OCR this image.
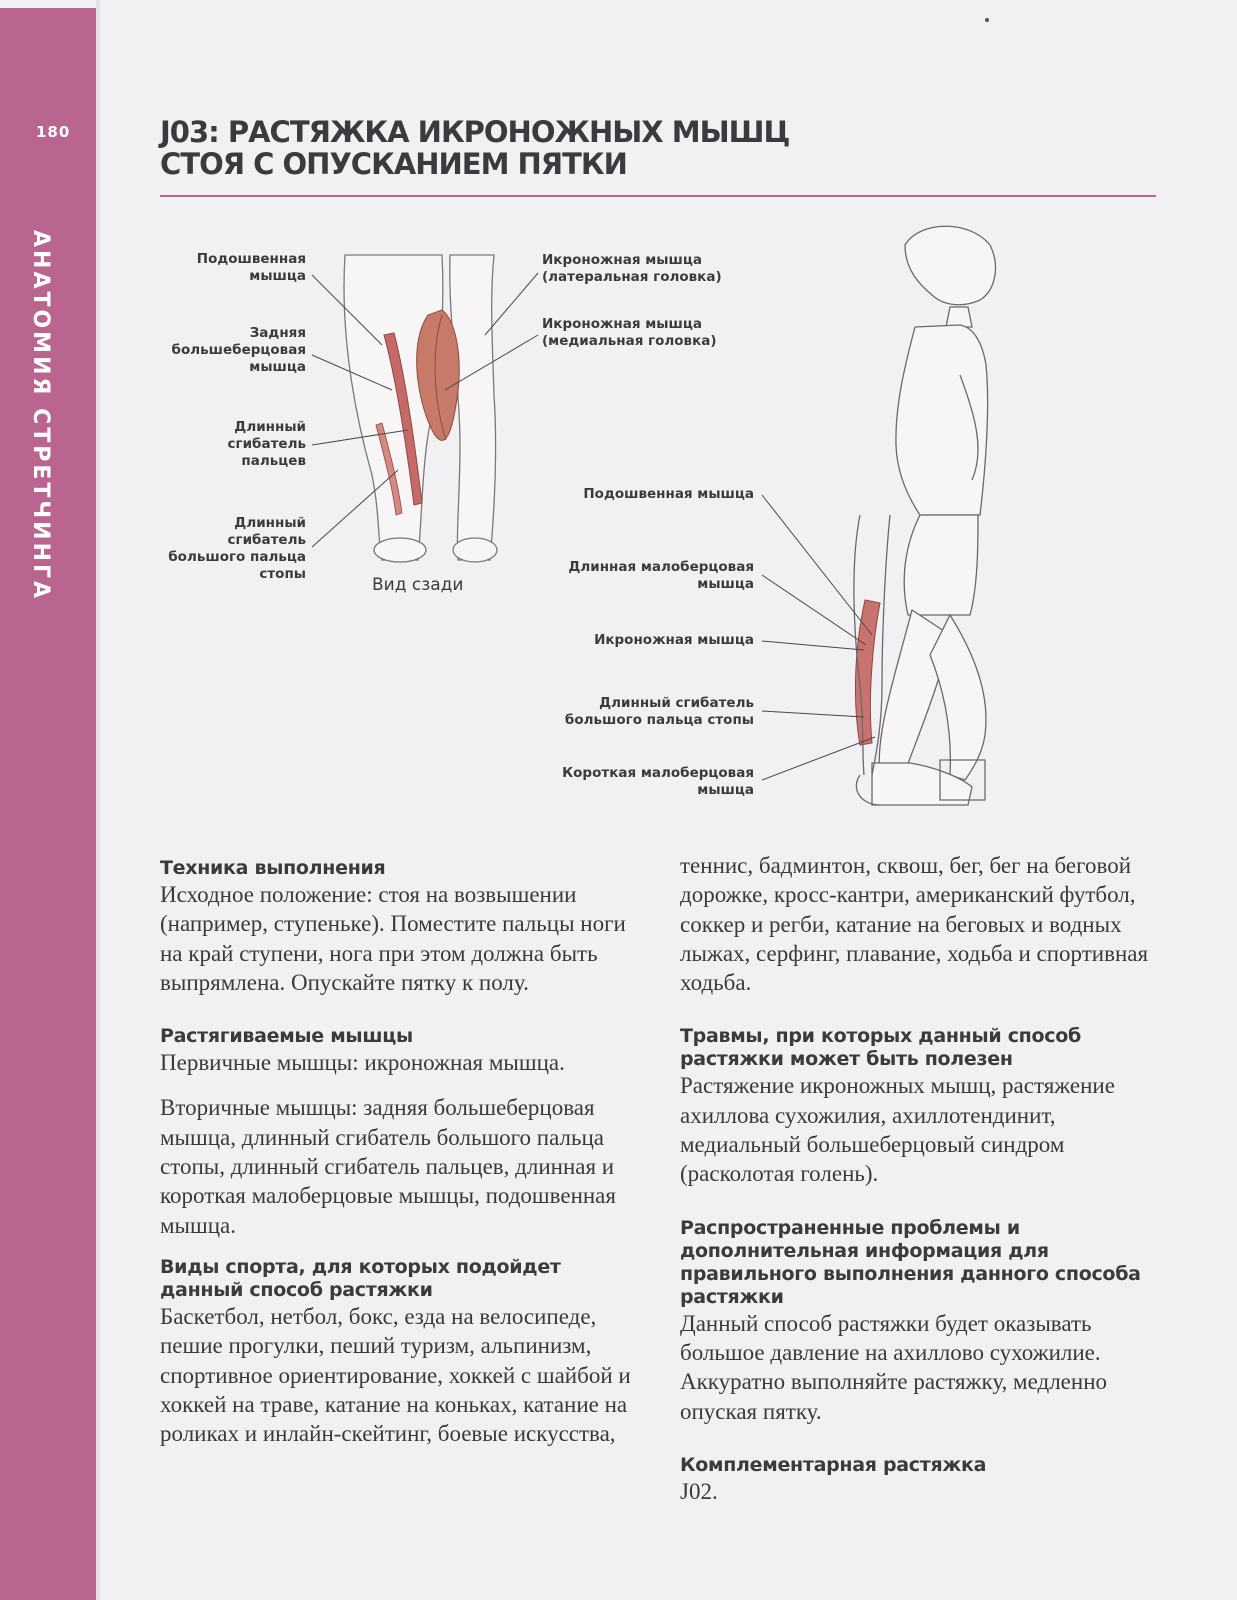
180
АНАТОМИЯ СТРЕТЧИНГА
J03: РАСТЯЖКА ИКРОНОЖНЫХ МЫШЦ
СТОЯ С ОПУСКАНИЕМ ПЯТКИ
Подошвенная мышца
Задняя большеберцовая мышца
Длинный сгибатель пальцев
Длинный сгибатель большого пальца стопы
Икроножная мышца (латеральная головка)
Икроножная мышца (медиальная головка)
Вид сзади
Подошвенная мышца
Длинная малоберцовая мышца
Икроножная мышца
Длинный сгибатель большого пальца стопы
Короткая малоберцовая мышца
Техника выполнения

Исходное положение: стоя на возвышении (например, ступеньке). Поместите пальцы ноги на край ступени, нога при этом должна быть выпрямлена. Опускайте пятку к полу.

Растягиваемые мышцы

Первичные мышцы: икроножная мышца.

Вторичные мышцы: задняя большеберцовая мышца, длинный сгибатель большого пальца стопы, длинный сгибатель пальцев, длинная и короткая малоберцовые мышцы, подошвенная мышца.

Виды спорта, для которых подойдет данный способ растяжки

Баскетбол, нетбол, бокс, езда на велосипеде, пешие прогулки, пеший туризм, альпинизм, спортивное ориентирование, хоккей с шайбой и хоккей на траве, катание на коньках, катание на роликах и инлайн-скейтинг, боевые искусства,

теннис, бадминтон, сквош, бег, бег на беговой дорожке, кросс-кантри, американский футбол, соккер и регби, катание на беговых и водных лыжах, серфинг, плавание, ходьба и спортивная ходьба.

Травмы, при которых данный способ растяжки может быть полезен

Растяжение икроножных мышц, растяжение ахиллова сухожилия, ахиллотендинит, медиальный большеберцовый синдром (расколотая голень).

Распространенные проблемы и дополнительная информация для правильного выполнения данного способа растяжки

Данный способ растяжки будет оказывать большое давление на ахиллово сухожилие. Аккуратно выполняйте растяжку, медленно опуская пятку.

Комплементарная растяжка

J02.
